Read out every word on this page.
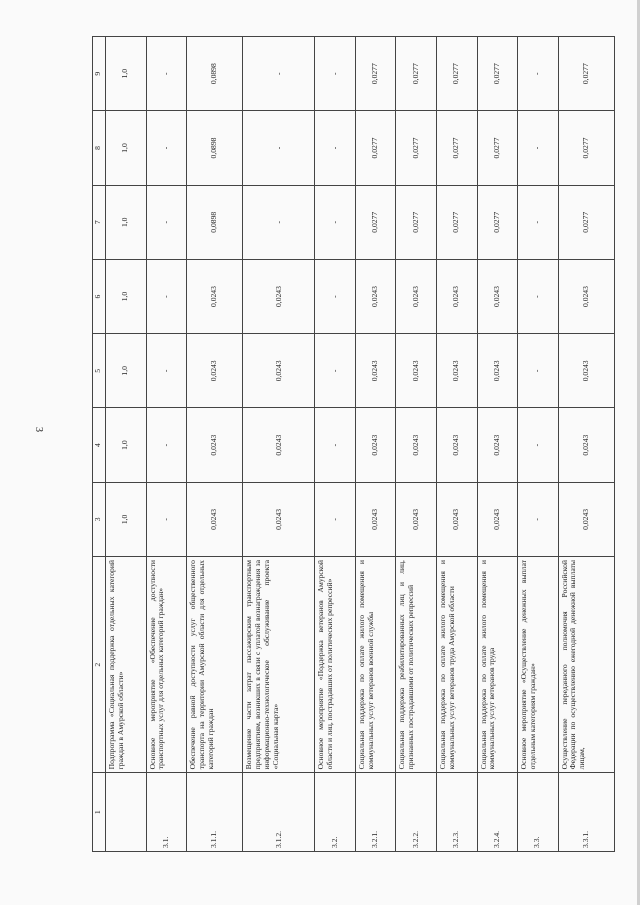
3
1	2	3	4	5	6	7	8	9
	Подпрограмма «Социальная поддержка отдельных категорий граждан в Амурской области»	1,0	1,0	1,0	1,0	1,0	1,0	1,0
3.1.	Основное мероприятие «Обеспечение доступности транспортных услуг для отдельных категорий граждан»	-	-	-	-	-	-	-
3.1.1.	Обеспечение равной доступности услуг общественного транспорта на территории Амурской области для отдельных категорий граждан	0,0243	0,0243	0,0243	0,0243	0,0898	0,0898	0,0898
3.1.2.	Возмещение части затрат пассажирским транспортным предприятиям, возникших в связи с уплатой вознаграждения за информационно-технологическое обслуживание проекта «Социальная карта»	0,0243	0,0243	0,0243	0,0243	-	-	-
3.2.	Основное мероприятие «Поддержка ветеранов Амурской области и лиц, пострадавших от политических репрессий»	-	-	-	-	-	-	-
3.2.1.	Социальная поддержка по оплате жилого помещения и коммунальных услуг ветеранов военной службы	0,0243	0,0243	0,0243	0,0243	0,0277	0,0277	0,0277
3.2.2.	Социальная поддержка реабилитированных лиц и лиц, признанных пострадавшими от политических репрессий	0,0243	0,0243	0,0243	0,0243	0,0277	0,0277	0,0277
3.2.3.	Социальная поддержка по оплате жилого помещения и коммунальных услуг ветеранов труда Амурской области	0,0243	0,0243	0,0243	0,0243	0,0277	0,0277	0,0277
3.2.4.	Социальная поддержка по оплате жилого помещения и коммунальных услуг ветеранов труда	0,0243	0,0243	0,0243	0,0243	0,0277	0,0277	0,0277
3.3.	Основное мероприятие «Осуществление денежных выплат отдельным категориям граждан»	-	-	-	-	-	-	-
3.3.1.	Осуществление переданного полномочия Российской Федерации по осуществлению ежегодной денежной выплаты лицам,	0,0243	0,0243	0,0243	0,0243	0,0277	0,0277	0,0277
